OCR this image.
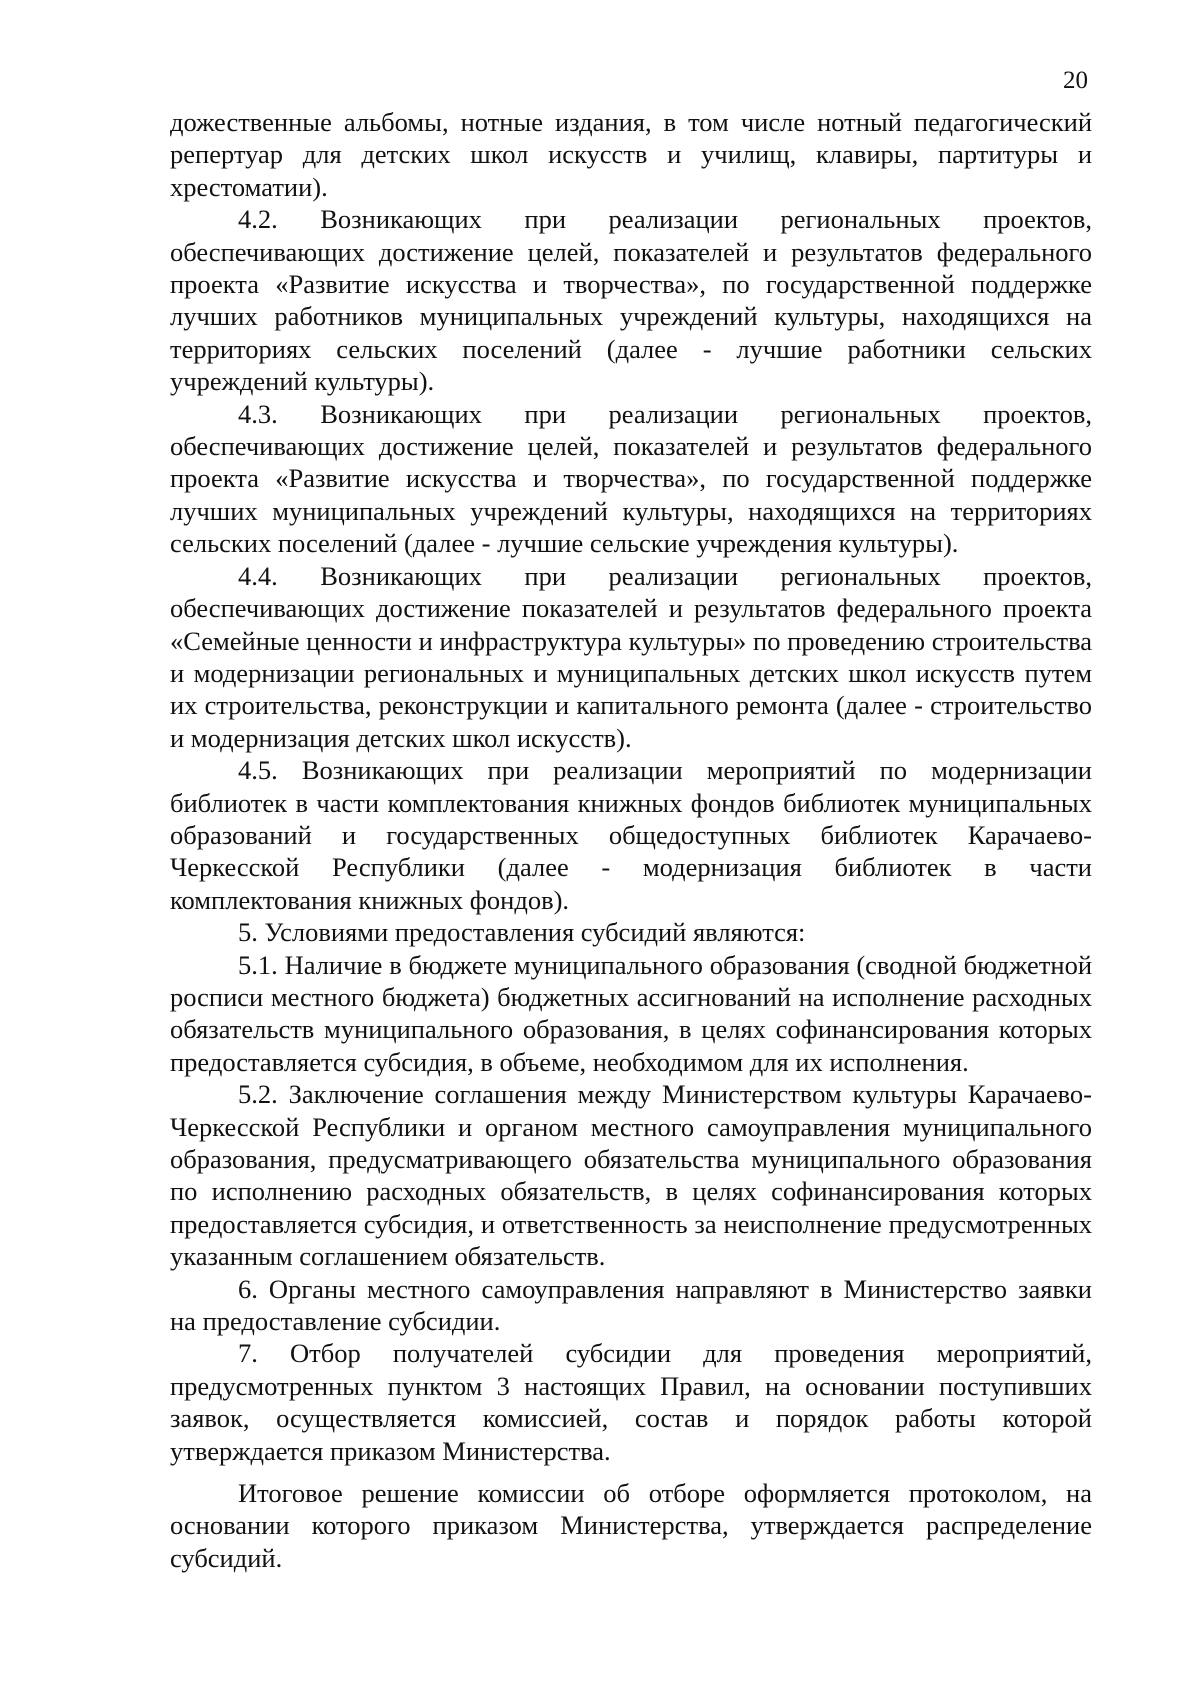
20

дожественные альбомы, нотные издания, в том числе нотный педагогический репертуар для детских школ искусств и училищ, клавиры, партитуры и хрестоматии).

4.2. Возникающих при реализации региональных проектов, обеспечивающих достижение целей, показателей и результатов федерального проекта «Развитие искусства и творчества», по государственной поддержке лучших работников муниципальных учреждений культуры, находящихся на территориях сельских поселений (далее - лучшие работники сельских учреждений культуры).

4.3. Возникающих при реализации региональных проектов, обеспечивающих достижение целей, показателей и результатов федерального проекта «Развитие искусства и творчества», по государственной поддержке лучших муниципальных учреждений культуры, находящихся на территориях сельских поселений (далее - лучшие сельские учреждения культуры).

4.4. Возникающих при реализации региональных проектов, обеспечивающих достижение показателей и результатов федерального проекта «Семейные ценности и инфраструктура культуры» по проведению строительства и модернизации региональных и муниципальных детских школ искусств путем их строительства, реконструкции и капитального ремонта (далее - строительство и модернизация детских школ искусств).

4.5. Возникающих при реализации мероприятий по модернизации библиотек в части комплектования книжных фондов библиотек муниципальных образований и государственных общедоступных библиотек Карачаево-Черкесской Республики (далее - модернизация библиотек в части комплектования книжных фондов).

5. Условиями предоставления субсидий являются:

5.1. Наличие в бюджете муниципального образования (сводной бюджетной росписи местного бюджета) бюджетных ассигнований на исполнение расходных обязательств муниципального образования, в целях софинансирования которых предоставляется субсидия, в объеме, необходимом для их исполнения.

5.2. Заключение соглашения между Министерством культуры Карачаево-Черкесской Республики и органом местного самоуправления муниципального образования, предусматривающего обязательства муниципального образования по исполнению расходных обязательств, в целях софинансирования которых предоставляется субсидия, и ответственность за неисполнение предусмотренных указанным соглашением обязательств.

6. Органы местного самоуправления направляют в Министерство заявки на предоставление субсидии.

7. Отбор получателей субсидии для проведения мероприятий, предусмотренных пунктом 3 настоящих Правил, на основании поступивших заявок, осуществляется комиссией, состав и порядок работы которой утверждается приказом Министерства.

Итоговое решение комиссии об отборе оформляется протоколом, на основании которого приказом Министерства, утверждается распределение субсидий.
